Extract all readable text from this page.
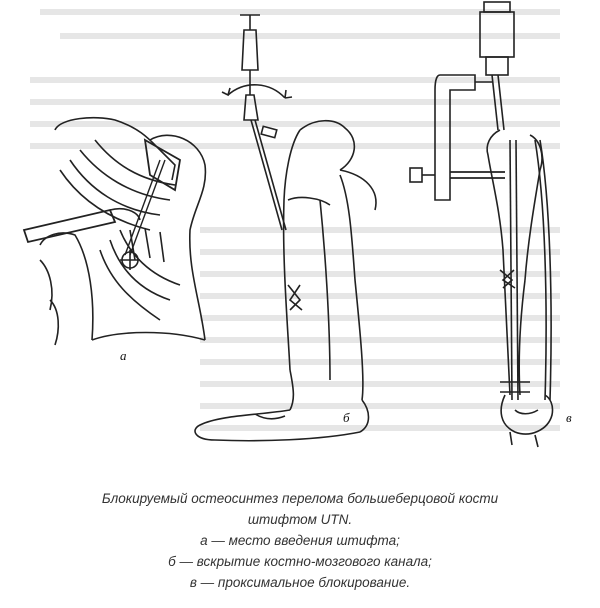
а
б	в
Блокируемый остеосинтез перелома большеберцовой кости
штифтом UTN.
а — место введения штифта;
б — вскрытие костно-мозгового канала;
в — проксимальное блокирование.
